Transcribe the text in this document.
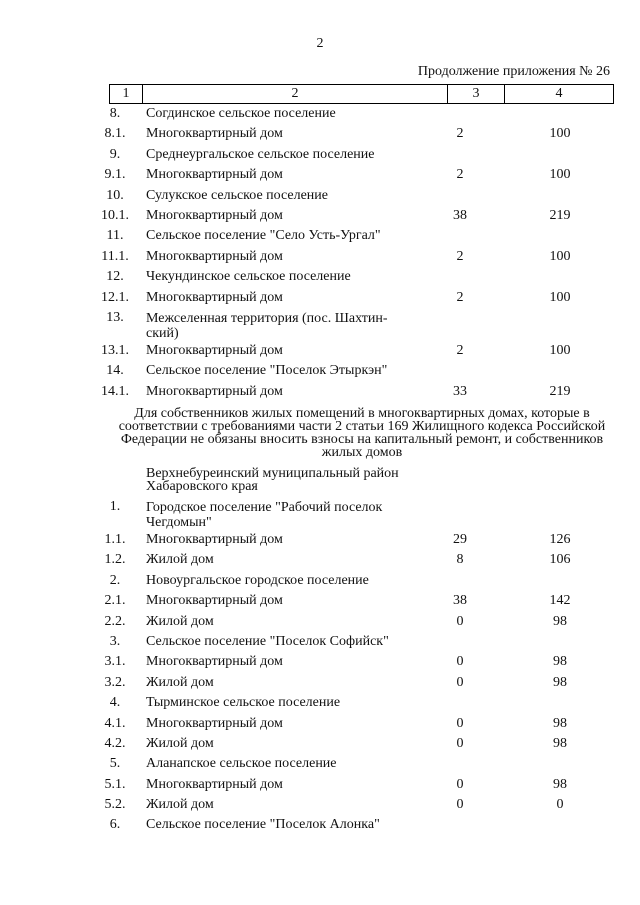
2
Продолжение приложения № 26
1	2	3	4
8.	Согдинское сельское поселение
8.1.	Многоквартирный дом	2	100
9.	Среднеургальское сельское поселение
9.1.	Многоквартирный дом	2	100
10.	Сулукское сельское поселение
10.1.	Многоквартирный дом	38	219
11.	Сельское поселение "Село Усть-Ургал"
11.1.	Многоквартирный дом	2	100
12.	Чекундинское сельское поселение
12.1.	Многоквартирный дом	2	100
13.	Межселенная территория (пос. Шахтин-ский)
13.1.	Многоквартирный дом	2	100
14.	Сельское поселение "Поселок Этыркэн"
14.1.	Многоквартирный дом	33	219
Для собственников жилых помещений в многоквартирных домах, которые в соответствии с требованиями части 2 статьи 169 Жилищного кодекса Российской Федерации не обязаны вносить взносы на капитальный ремонт, и собственников жилых домов
Верхнебуреинский муниципальный район Хабаровского края
1.	Городское поселение "Рабочий поселок Чегдомын"
1.1.	Многоквартирный дом	29	126
1.2.	Жилой дом	8	106
2.	Новоургальское городское поселение
2.1.	Многоквартирный дом	38	142
2.2.	Жилой дом	0	98
3.	Сельское поселение "Поселок Софийск"
3.1.	Многоквартирный дом	0	98
3.2.	Жилой дом	0	98
4.	Тырминское сельское поселение
4.1.	Многоквартирный дом	0	98
4.2.	Жилой дом	0	98
5.	Аланапское сельское поселение
5.1.	Многоквартирный дом	0	98
5.2.	Жилой дом	0	0
6.	Сельское поселение "Поселок Алонка"
